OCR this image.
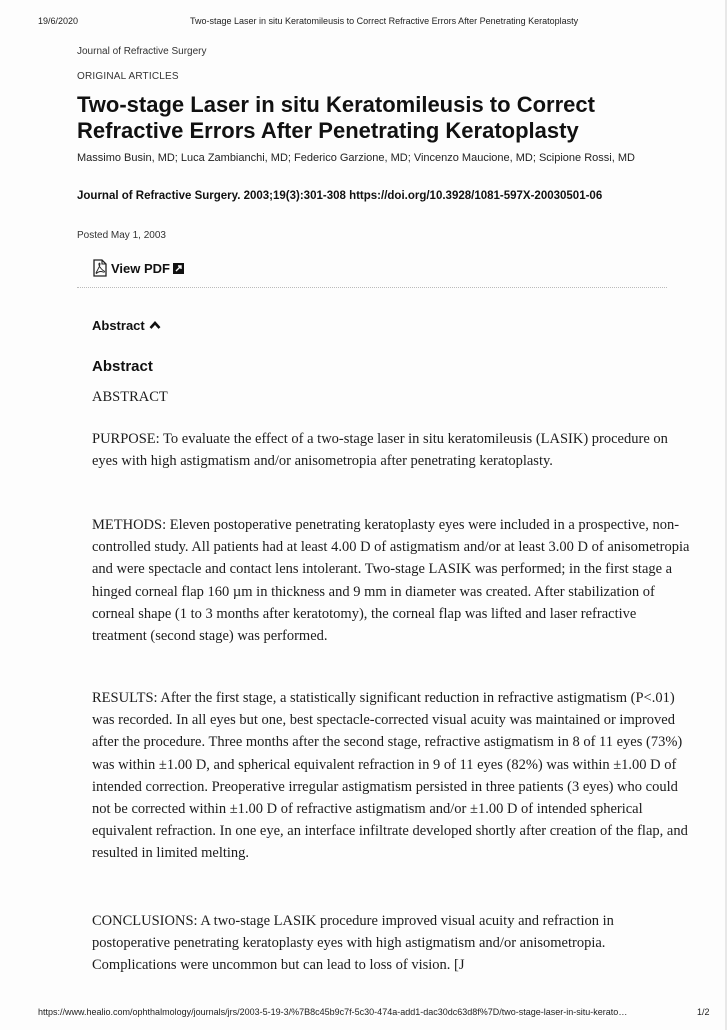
19/6/2020	Two-stage Laser in situ Keratomileusis to Correct Refractive Errors After Penetrating Keratoplasty
Journal of Refractive Surgery
ORIGINAL ARTICLES
Two-stage Laser in situ Keratomileusis to Correct Refractive Errors After Penetrating Keratoplasty
Massimo Busin, MD; Luca Zambianchi, MD; Federico Garzione, MD; Vincenzo Maucione, MD; Scipione Rossi, MD
Journal of Refractive Surgery. 2003;19(3):301-308 https://doi.org/10.3928/1081-597X-20030501-06
Posted May 1, 2003
View PDF
Abstract
Abstract

ABSTRACT

PURPOSE: To evaluate the effect of a two-stage laser in situ keratomileusis (LASIK) procedure on eyes with high astigmatism and/or anisometropia after penetrating keratoplasty.

METHODS: Eleven postoperative penetrating keratoplasty eyes were included in a prospective, non-controlled study. All patients had at least 4.00 D of astigmatism and/or at least 3.00 D of anisometropia and were spectacle and contact lens intolerant. Two-stage LASIK was performed; in the first stage a hinged corneal flap 160 µm in thickness and 9 mm in diameter was created. After stabilization of corneal shape (1 to 3 months after keratotomy), the corneal flap was lifted and laser refractive treatment (second stage) was performed.

RESULTS: After the first stage, a statistically significant reduction in refractive astigmatism (P<.01) was recorded. In all eyes but one, best spectacle-corrected visual acuity was maintained or improved after the procedure. Three months after the second stage, refractive astigmatism in 8 of 11 eyes (73%) was within ±1.00 D, and spherical equivalent refraction in 9 of 11 eyes (82%) was within ±1.00 D of intended correction. Preoperative irregular astigmatism persisted in three patients (3 eyes) who could not be corrected within ±1.00 D of refractive astigmatism and/or ±1.00 D of intended spherical equivalent refraction. In one eye, an interface infiltrate developed shortly after creation of the flap, and resulted in limited melting.

CONCLUSIONS: A two-stage LASIK procedure improved visual acuity and refraction in postoperative penetrating keratoplasty eyes with high astigmatism and/or anisometropia. Complications were uncommon but can lead to loss of vision. [J

https://www.healio.com/ophthalmology/journals/jrs/2003-5-19-3/%7B8c45b9c7f-5c30-474a-add1-dac30dc63d8f%7D/two-stage-laser-in-situ-kerato…	1/2
